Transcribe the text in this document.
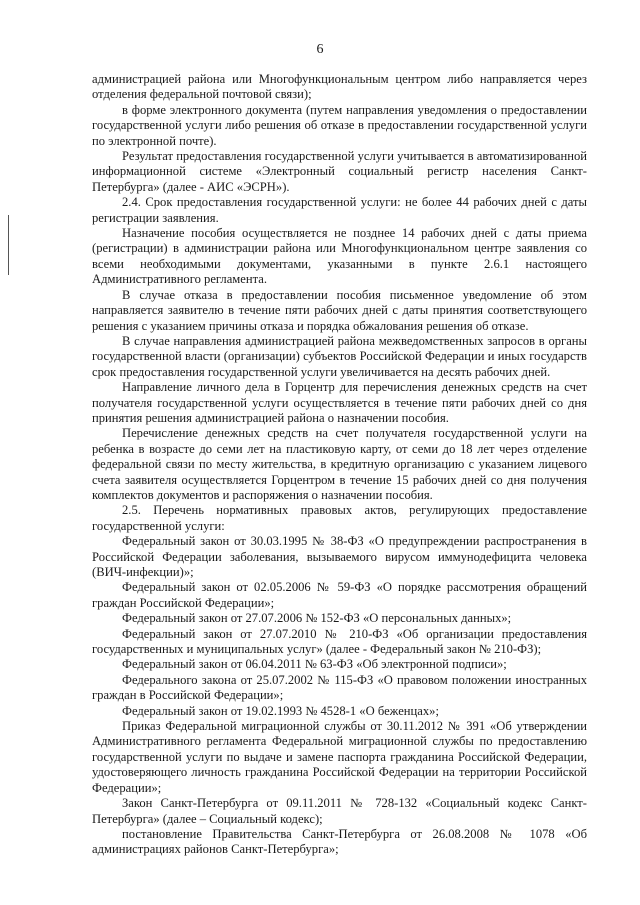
6

администрацией района или Многофункциональным центром либо направляется через отделения федеральной почтовой связи);

в форме электронного документа (путем направления уведомления о предоставлении государственной услуги либо решения об отказе в предоставлении государственной услуги по электронной почте).

Результат предоставления государственной услуги учитывается в автоматизированной информационной системе «Электронный социальный регистр населения Санкт-Петербурга» (далее - АИС «ЭСРН»).

2.4. Срок предоставления государственной услуги: не более 44 рабочих дней с даты регистрации заявления.

Назначение пособия осуществляется не позднее 14 рабочих дней с даты приема (регистрации) в администрации района или Многофункциональном центре заявления со всеми необходимыми документами, указанными в пункте 2.6.1 настоящего Административного регламента.

В случае отказа в предоставлении пособия письменное уведомление об этом направляется заявителю в течение пяти рабочих дней с даты принятия соответствующего решения с указанием причины отказа и порядка обжалования решения об отказе.

В случае направления администрацией района межведомственных запросов в органы государственной власти (организации) субъектов Российской Федерации и иных государств срок предоставления государственной услуги увеличивается на десять рабочих дней.

Направление личного дела в Горцентр для перечисления денежных средств на счет получателя государственной услуги осуществляется в течение пяти рабочих дней со дня принятия решения администрацией района о назначении пособия.

Перечисление денежных средств на счет получателя государственной услуги на ребенка в возрасте до семи лет на пластиковую карту, от семи до 18 лет через отделение федеральной связи по месту жительства, в кредитную организацию с указанием лицевого счета заявителя осуществляется Горцентром в течение 15 рабочих дней со дня получения комплектов документов и распоряжения о назначении пособия.

2.5. Перечень нормативных правовых актов, регулирующих предоставление государственной услуги:

Федеральный закон от 30.03.1995 № 38-ФЗ «О предупреждении распространения в Российской Федерации заболевания, вызываемого вирусом иммунодефицита человека (ВИЧ-инфекции)»;

Федеральный закон от 02.05.2006 № 59-ФЗ «О порядке рассмотрения обращений граждан Российской Федерации»;

Федеральный закон от 27.07.2006 № 152-ФЗ «О персональных данных»;

Федеральный закон от 27.07.2010 № 210-ФЗ «Об организации предоставления государственных и муниципальных услуг» (далее - Федеральный закон № 210-ФЗ);

Федеральный закон от 06.04.2011 № 63-ФЗ «Об электронной подписи»;

Федерального закона от 25.07.2002 № 115-ФЗ «О правовом положении иностранных граждан в Российской Федерации»;

Федеральный закон от 19.02.1993 № 4528-1 «О беженцах»;

Приказ Федеральной миграционной службы от 30.11.2012 № 391 «Об утверждении Административного регламента Федеральной миграционной службы по предоставлению государственной услуги по выдаче и замене паспорта гражданина Российской Федерации, удостоверяющего личность гражданина Российской Федерации на территории Российской Федерации»;

Закон Санкт-Петербурга от 09.11.2011 № 728-132 «Социальный кодекс Санкт-Петербурга» (далее – Социальный кодекс);

постановление Правительства Санкт-Петербурга от 26.08.2008 № 1078 «Об администрациях районов Санкт-Петербурга»;
